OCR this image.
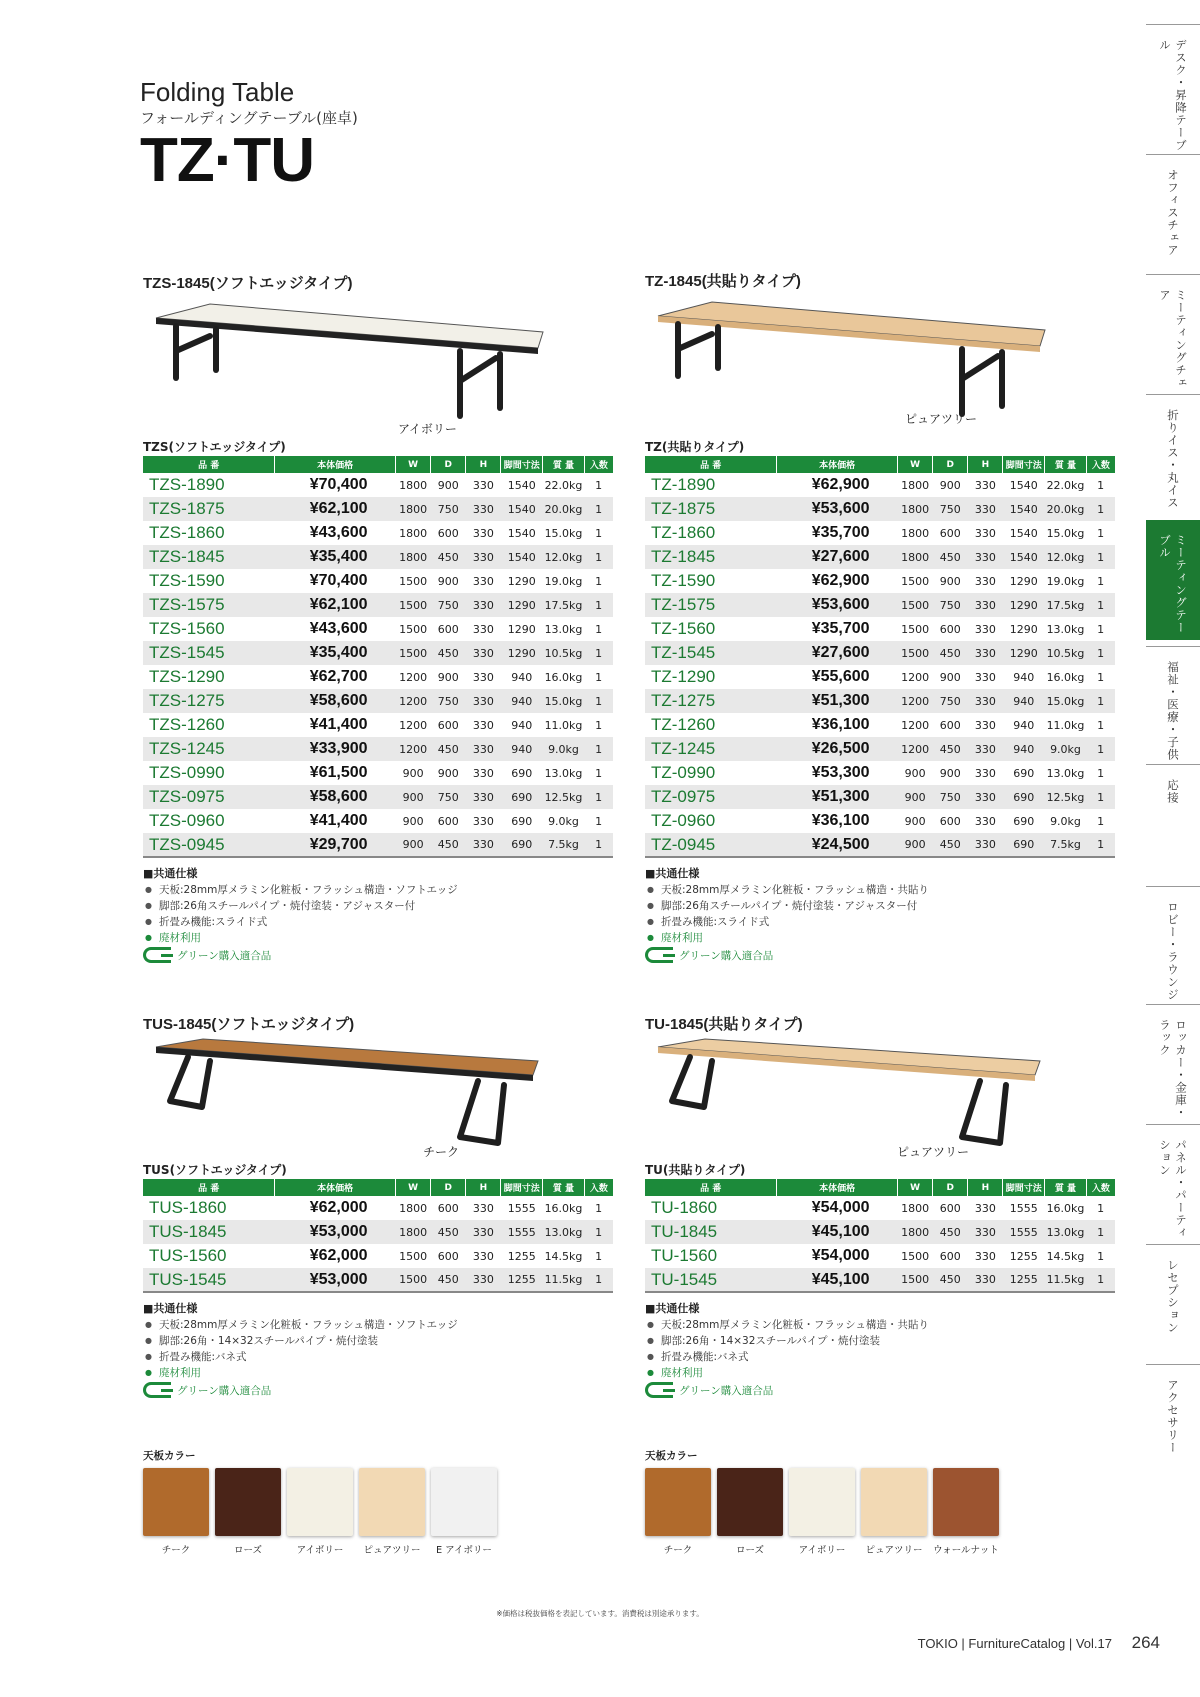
Folding Table
フォールディングテーブル(座卓)
TZ·TU
TZS-1845(ソフトエッジタイプ)
アイボリー
TZS(ソフトエッジタイプ)
品 番	本体価格	W	D	H	脚間寸法	質 量	入数
TZS-1890	¥70,400	1800	900	330	1540	22.0kg	1
TZS-1875	¥62,100	1800	750	330	1540	20.0kg	1
TZS-1860	¥43,600	1800	600	330	1540	15.0kg	1
TZS-1845	¥35,400	1800	450	330	1540	12.0kg	1
TZS-1590	¥70,400	1500	900	330	1290	19.0kg	1
TZS-1575	¥62,100	1500	750	330	1290	17.5kg	1
TZS-1560	¥43,600	1500	600	330	1290	13.0kg	1
TZS-1545	¥35,400	1500	450	330	1290	10.5kg	1
TZS-1290	¥62,700	1200	900	330	940	16.0kg	1
TZS-1275	¥58,600	1200	750	330	940	15.0kg	1
TZS-1260	¥41,400	1200	600	330	940	11.0kg	1
TZS-1245	¥33,900	1200	450	330	940	9.0kg	1
TZS-0990	¥61,500	900	900	330	690	13.0kg	1
TZS-0975	¥58,600	900	750	330	690	12.5kg	1
TZS-0960	¥41,400	900	600	330	690	9.0kg	1
TZS-0945	¥29,700	900	450	330	690	7.5kg	1
■共通仕様
● 天板:28mm厚メラミン化粧板・フラッシュ構造・ソフトエッジ
● 脚部:26角スチールパイプ・焼付塗装・アジャスター付
● 折畳み機能:スライド式
● 廃材利用
グリーン購入適合品
TZ-1845(共貼りタイプ)
ピュアツリー
TZ(共貼りタイプ)
品 番	本体価格	W	D	H	脚間寸法	質 量	入数
TZ-1890	¥62,900	1800	900	330	1540	22.0kg	1
TZ-1875	¥53,600	1800	750	330	1540	20.0kg	1
TZ-1860	¥35,700	1800	600	330	1540	15.0kg	1
TZ-1845	¥27,600	1800	450	330	1540	12.0kg	1
TZ-1590	¥62,900	1500	900	330	1290	19.0kg	1
TZ-1575	¥53,600	1500	750	330	1290	17.5kg	1
TZ-1560	¥35,700	1500	600	330	1290	13.0kg	1
TZ-1545	¥27,600	1500	450	330	1290	10.5kg	1
TZ-1290	¥55,600	1200	900	330	940	16.0kg	1
TZ-1275	¥51,300	1200	750	330	940	15.0kg	1
TZ-1260	¥36,100	1200	600	330	940	11.0kg	1
TZ-1245	¥26,500	1200	450	330	940	9.0kg	1
TZ-0990	¥53,300	900	900	330	690	13.0kg	1
TZ-0975	¥51,300	900	750	330	690	12.5kg	1
TZ-0960	¥36,100	900	600	330	690	9.0kg	1
TZ-0945	¥24,500	900	450	330	690	7.5kg	1
■共通仕様
● 天板:28mm厚メラミン化粧板・フラッシュ構造・共貼り
● 脚部:26角スチールパイプ・焼付塗装・アジャスター付
● 折畳み機能:スライド式
● 廃材利用
グリーン購入適合品
TUS-1845(ソフトエッジタイプ)
チーク
TUS(ソフトエッジタイプ)
品 番	本体価格	W	D	H	脚間寸法	質 量	入数
TUS-1860	¥62,000	1800	600	330	1555	16.0kg	1
TUS-1845	¥53,000	1800	450	330	1555	13.0kg	1
TUS-1560	¥62,000	1500	600	330	1255	14.5kg	1
TUS-1545	¥53,000	1500	450	330	1255	11.5kg	1
■共通仕様
● 天板:28mm厚メラミン化粧板・フラッシュ構造・ソフトエッジ
● 脚部:26角・14×32スチールパイプ・焼付塗装
● 折畳み機能:バネ式
● 廃材利用
グリーン購入適合品
TU-1845(共貼りタイプ)
ピュアツリー
TU(共貼りタイプ)
品 番	本体価格	W	D	H	脚間寸法	質 量	入数
TU-1860	¥54,000	1800	600	330	1555	16.0kg	1
TU-1845	¥45,100	1800	450	330	1555	13.0kg	1
TU-1560	¥54,000	1500	600	330	1255	14.5kg	1
TU-1545	¥45,100	1500	450	330	1255	11.5kg	1
■共通仕様
● 天板:28mm厚メラミン化粧板・フラッシュ構造・共貼り
● 脚部:26角・14×32スチールパイプ・焼付塗装
● 折畳み機能:バネ式
● 廃材利用
グリーン購入適合品
天板カラー
チーク	ローズ	アイボリー	ピュアツリー	E アイボリー
天板カラー
チーク	ローズ	アイボリー	ピュアツリー	ウォールナット
デスク・昇降テーブル
オフィスチェア
ミーティングチェア
折りイス・丸イス
ミーティングテーブル
福祉・医療・子供
応接
ロビー・ラウンジ
ロッカー・金庫・ラック
パネル・パーティション
レセプション
アクセサリー
※価格は税抜価格を表記しています。消費税は別途承ります。
TOKIO | FurnitureCatalog | Vol.17 264
